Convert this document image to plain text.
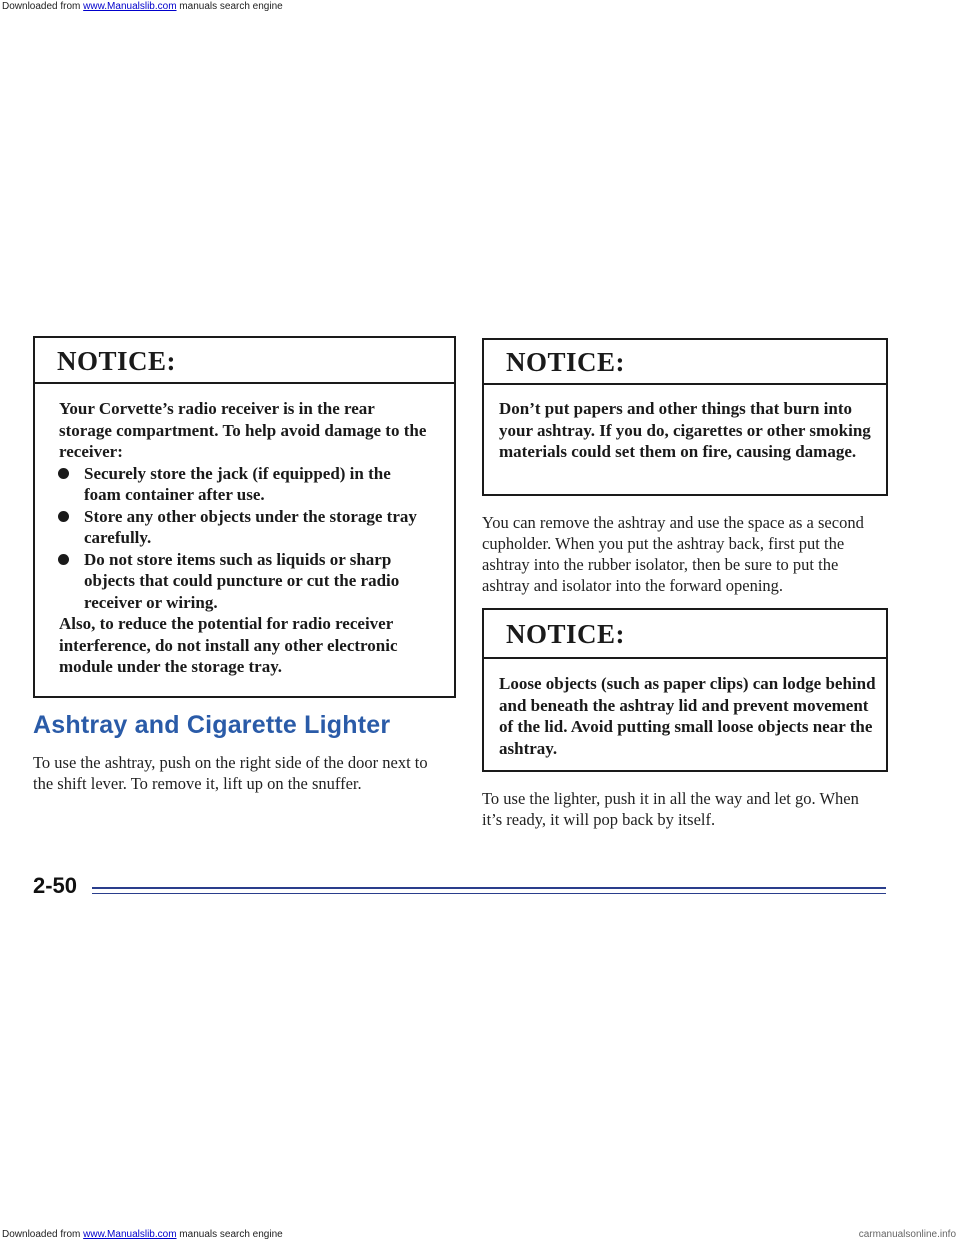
Downloaded from www.Manualslib.com manuals search engine
NOTICE:

Your Corvette’s radio receiver is in the rear storage compartment. To help avoid damage to the receiver:

Securely store the jack (if equipped) in the foam container after use.
Store any other objects under the storage tray carefully.
Do not store items such as liquids or sharp objects that could puncture or cut the radio receiver or wiring.

Also, to reduce the potential for radio receiver interference, do not install any other electronic module under the storage tray.

Ashtray and Cigarette Lighter

To use the ashtray, push on the right side of the door next to the shift lever. To remove it, lift up on the snuffer.

NOTICE:
Don’t put papers and other things that burn into your ashtray. If you do, cigarettes or other smoking materials could set them on fire, causing damage.

You can remove the ashtray and use the space as a second cupholder. When you put the ashtray back, first put the ashtray into the rubber isolator, then be sure to put the ashtray and isolator into the forward opening.

NOTICE:
Loose objects (such as paper clips) can lodge behind and beneath the ashtray lid and prevent movement of the lid. Avoid putting small loose objects near the ashtray.

To use the lighter, push it in all the way and let go. When it’s ready, it will pop back by itself.

2-50
Downloaded from www.Manualslib.com manuals search engine	carmanualsonline.info
